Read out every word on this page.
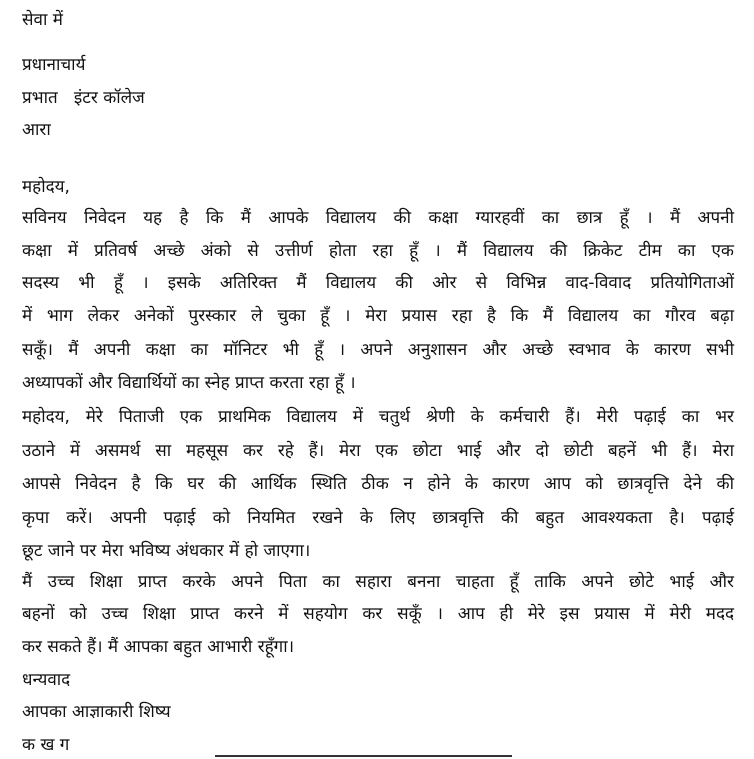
सेवा में
प्रधानाचार्य
प्रभात   इंटर कॉलेज
आरा
महोदय,
सविनय निवेदन यह है कि मैं आपके विद्यालय की कक्षा ग्यारहवीं का छात्र हूँ । मैं अपनी
कक्षा में प्रतिवर्ष अच्छे अंको से उत्तीर्ण होता रहा हूँ । मैं विद्यालय की क्रिकेट टीम का एक
सदस्य भी हूँ । इसके अतिरिक्त मैं विद्यालय की ओर से विभिन्न वाद-विवाद प्रतियोगिताओं
में भाग लेकर अनेकों पुरस्कार ले चुका हूँ । मेरा प्रयास रहा है कि मैं विद्यालय का गौरव बढ़ा
सकूँ। मैं अपनी कक्षा का मॉनिटर भी हूँ । अपने अनुशासन और अच्छे स्वभाव के कारण सभी
अध्यापकों और विद्यार्थियों का स्नेह प्राप्त करता रहा हूँ ।
महोदय, मेरे पिताजी एक प्राथमिक विद्यालय में चतुर्थ श्रेणी के कर्मचारी हैं। मेरी पढ़ाई का भर
उठाने में असमर्थ सा महसूस कर रहे हैं। मेरा एक छोटा भाई और दो छोटी बहनें भी हैं। मेरा
आपसे निवेदन है कि घर की आर्थिक स्थिति ठीक न होने के कारण आप को छात्रवृत्ति देने की
कृपा करें। अपनी पढ़ाई को नियमित रखने के लिए छात्रवृत्ति की बहुत आवश्यकता है। पढ़ाई
छूट जाने पर मेरा भविष्य अंधकार में हो जाएगा।
मैं उच्च शिक्षा प्राप्त करके अपने पिता का सहारा बनना चाहता हूँ ताकि अपने छोटे भाई और
बहनों को उच्च शिक्षा प्राप्त करने में सहयोग कर सकूँ । आप ही मेरे इस प्रयास में मेरी मदद
कर सकते हैं। मैं आपका बहुत आभारी रहूँगा।
धन्यवाद
आपका आज्ञाकारी शिष्य
क ख ग
